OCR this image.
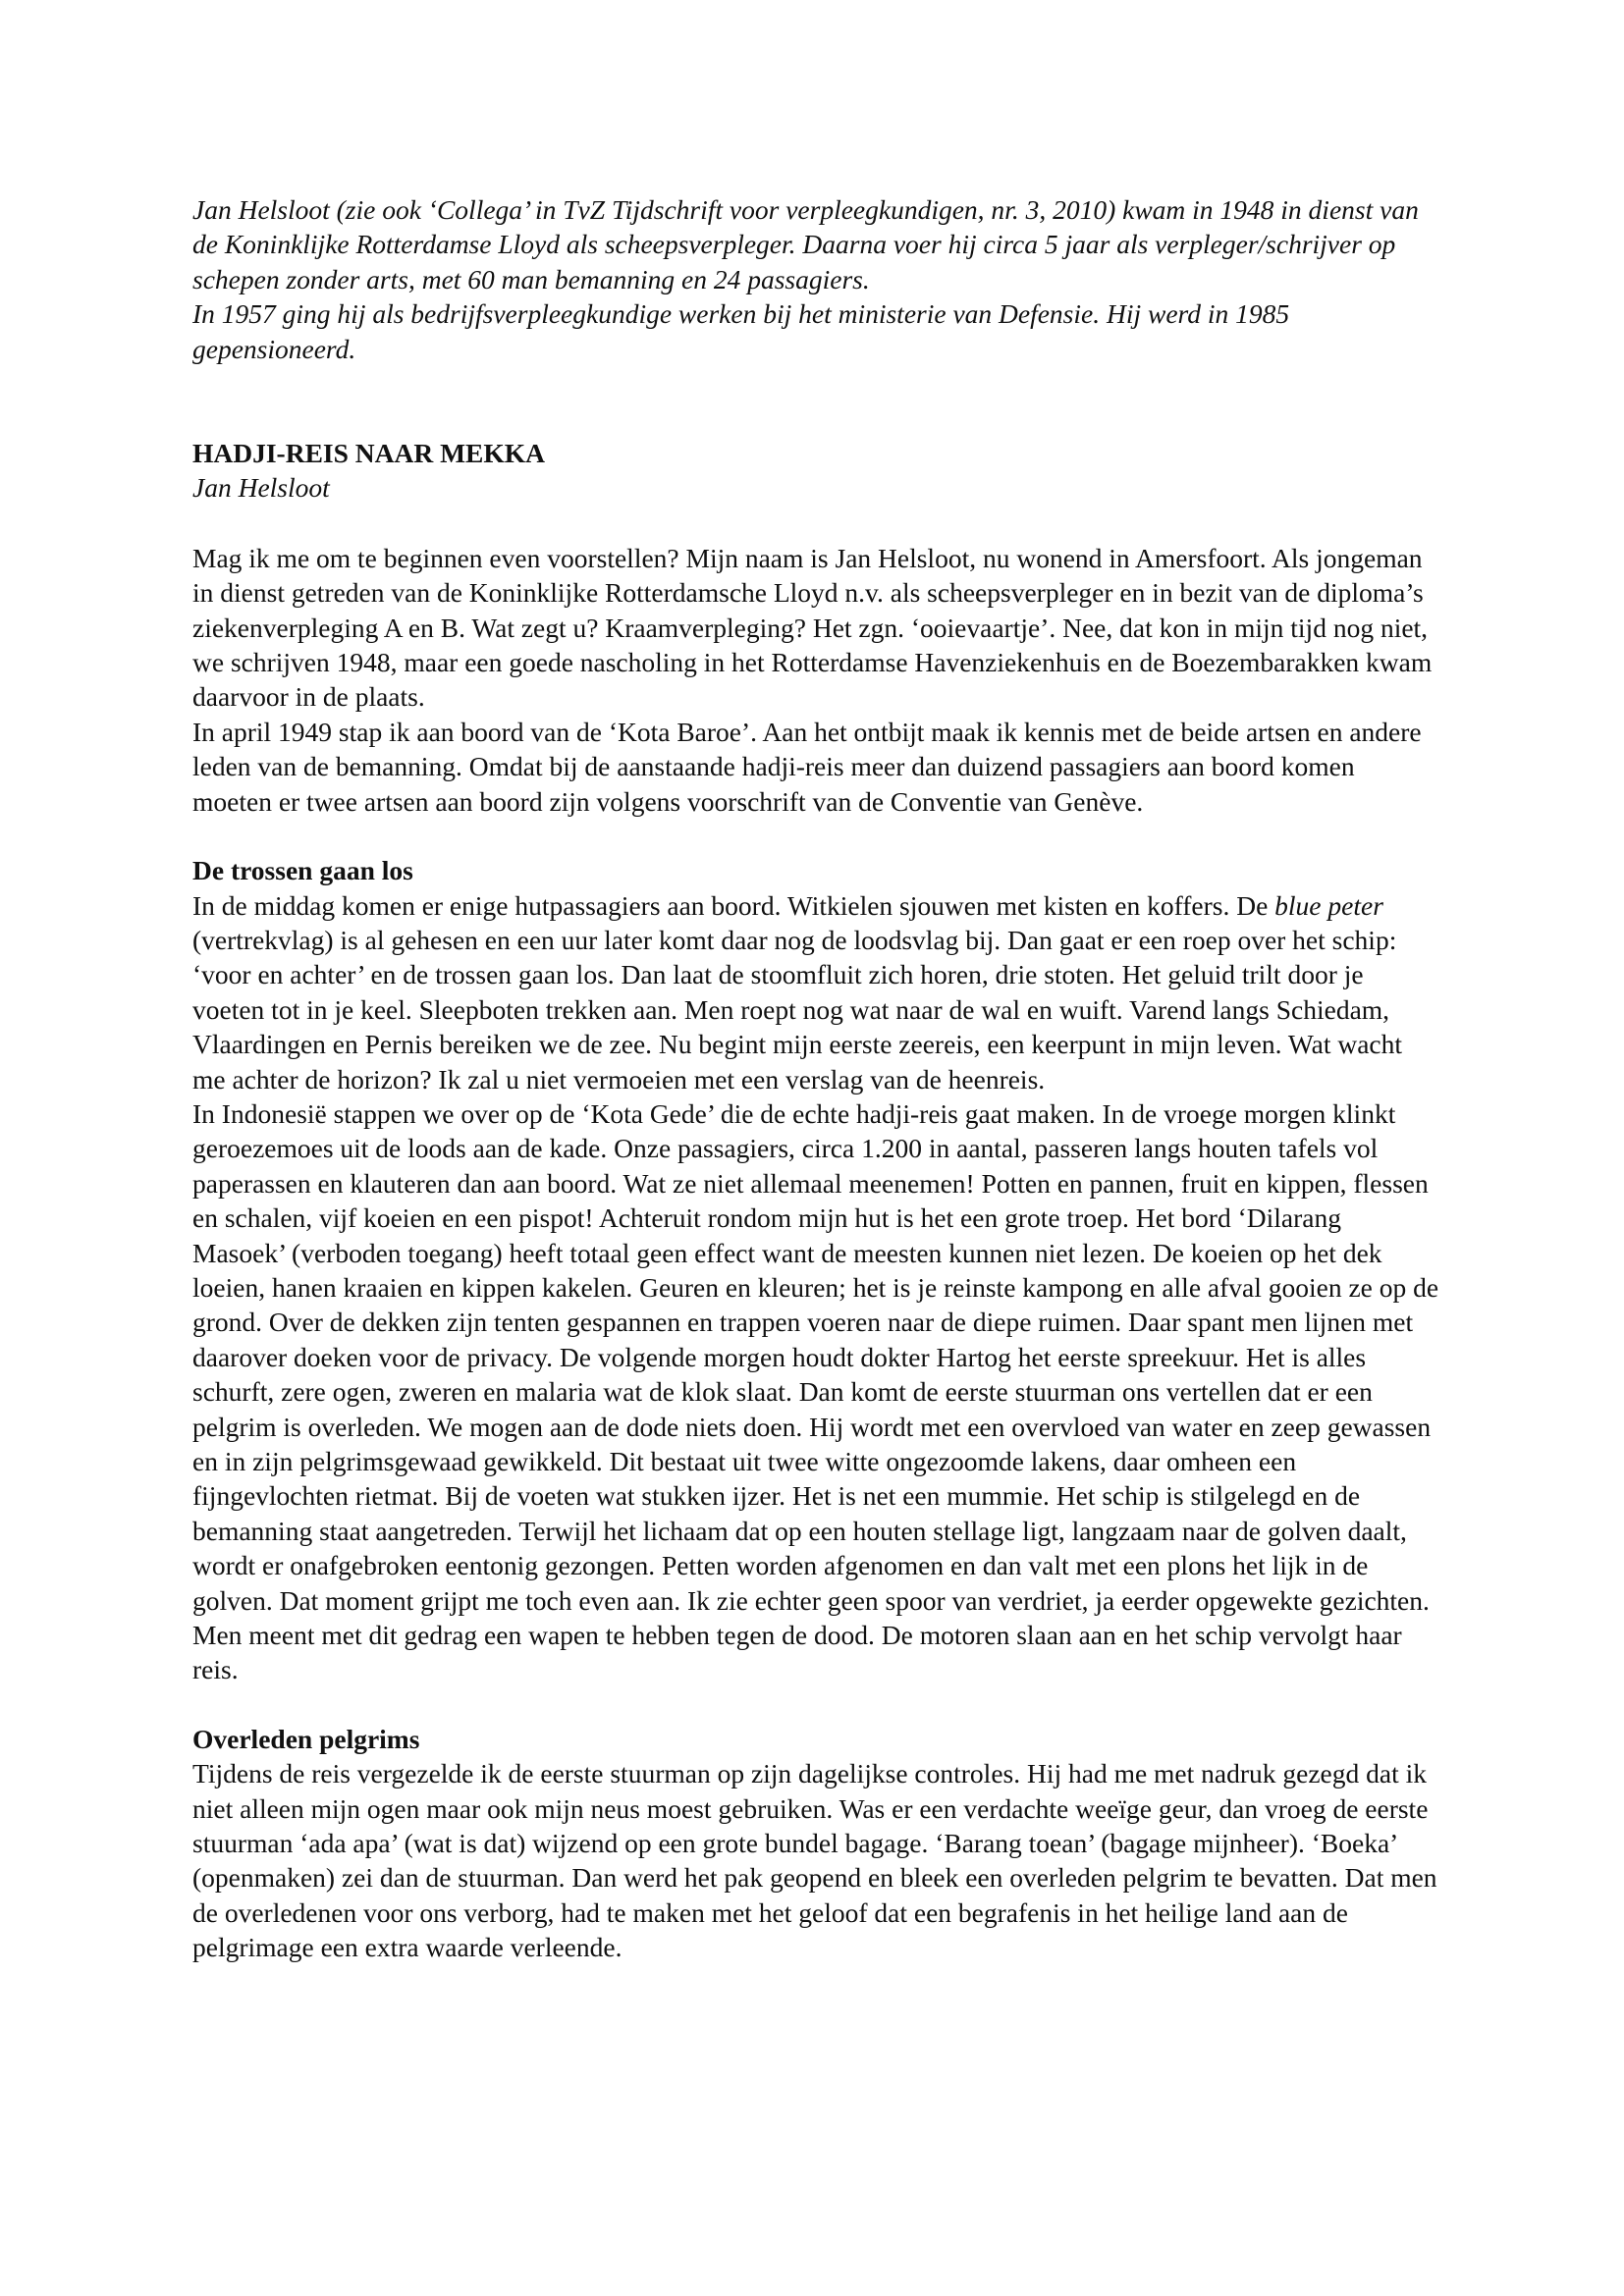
Jan Helsloot (zie ook ‘Collega’ in TvZ Tijdschrift voor verpleegkundigen, nr. 3, 2010) kwam in 1948 in dienst van de Koninklijke Rotterdamse Lloyd als scheepsverpleger. Daarna voer hij circa 5 jaar als verpleger/schrijver op schepen zonder arts, met 60 man bemanning en 24 passagiers.

In 1957 ging hij als bedrijfsverpleegkundige werken bij het ministerie van Defensie. Hij werd in 1985 gepensioneerd.

HADJI-REIS NAAR MEKKA

Jan Helsloot

Mag ik me om te beginnen even voorstellen? Mijn naam is Jan Helsloot, nu wonend in Amersfoort. Als jongeman in dienst getreden van de Koninklijke Rotterdamsche Lloyd n.v. als scheepsverpleger en in bezit van de diploma’s ziekenverpleging A en B. Wat zegt u? Kraamverpleging? Het zgn. ‘ooievaartje’. Nee, dat kon in mijn tijd nog niet, we schrijven 1948, maar een goede nascholing in het Rotterdamse Havenziekenhuis en de Boezembarakken kwam daarvoor in de plaats.

In april 1949 stap ik aan boord van de ‘Kota Baroe’. Aan het ontbijt maak ik kennis met de beide artsen en andere leden van de bemanning. Omdat bij de aanstaande hadji-reis meer dan duizend passagiers aan boord komen moeten er twee artsen aan boord zijn volgens voorschrift van de Conventie van Genève.

De trossen gaan los

In de middag komen er enige hutpassagiers aan boord. Witkielen sjouwen met kisten en koffers. De blue peter (vertrekvlag) is al gehesen en een uur later komt daar nog de loodsvlag bij. Dan gaat er een roep over het schip: ‘voor en achter’ en de trossen gaan los. Dan laat de stoomfluit zich horen, drie stoten. Het geluid trilt door je voeten tot in je keel. Sleepboten trekken aan. Men roept nog wat naar de wal en wuift. Varend langs Schiedam, Vlaardingen en Pernis bereiken we de zee. Nu begint mijn eerste zeereis, een keerpunt in mijn leven. Wat wacht me achter de horizon? Ik zal u niet vermoeien met een verslag van de heenreis.

In Indonesië stappen we over op de ‘Kota Gede’ die de echte hadji-reis gaat maken. In de vroege morgen klinkt geroezemoes uit de loods aan de kade. Onze passagiers, circa 1.200 in aantal, passeren langs houten tafels vol paperassen en klauteren dan aan boord. Wat ze niet allemaal meenemen! Potten en pannen, fruit en kippen, flessen en schalen, vijf koeien en een pispot! Achteruit rondom mijn hut is het een grote troep. Het bord ‘Dilarang Masoek’ (verboden toegang) heeft totaal geen effect want de meesten kunnen niet lezen. De koeien op het dek loeien, hanen kraaien en kippen kakelen. Geuren en kleuren; het is je reinste kampong en alle afval gooien ze op de grond. Over de dekken zijn tenten gespannen en trappen voeren naar de diepe ruimen. Daar spant men lijnen met daarover doeken voor de privacy. De volgende morgen houdt dokter Hartog het eerste spreekuur. Het is alles schurft, zere ogen, zweren en malaria wat de klok slaat. Dan komt de eerste stuurman ons vertellen dat er een pelgrim is overleden. We mogen aan de dode niets doen. Hij wordt met een overvloed van water en zeep gewassen en in zijn pelgrimsgewaad gewikkeld. Dit bestaat uit twee witte ongezoomde lakens, daar omheen een fijngevlochten rietmat. Bij de voeten wat stukken ijzer. Het is net een mummie. Het schip is stilgelegd en de bemanning staat aangetreden. Terwijl het lichaam dat op een houten stellage ligt, langzaam naar de golven daalt, wordt er onafgebroken eentonig gezongen. Petten worden afgenomen en dan valt met een plons het lijk in de golven. Dat moment grijpt me toch even aan. Ik zie echter geen spoor van verdriet, ja eerder opgewekte gezichten. Men meent met dit gedrag een wapen te hebben tegen de dood. De motoren slaan aan en het schip vervolgt haar reis.

Overleden pelgrims

Tijdens de reis vergezelde ik de eerste stuurman op zijn dagelijkse controles. Hij had me met nadruk gezegd dat ik niet alleen mijn ogen maar ook mijn neus moest gebruiken. Was er een verdachte weeïge geur, dan vroeg de eerste stuurman ‘ada apa’ (wat is dat) wijzend op een grote bundel bagage. ‘Barang toean’ (bagage mijnheer). ‘Boeka’ (openmaken) zei dan de stuurman. Dan werd het pak geopend en bleek een overleden pelgrim te bevatten. Dat men de overledenen voor ons verborg, had te maken met het geloof dat een begrafenis in het heilige land aan de pelgrimage een extra waarde verleende.
